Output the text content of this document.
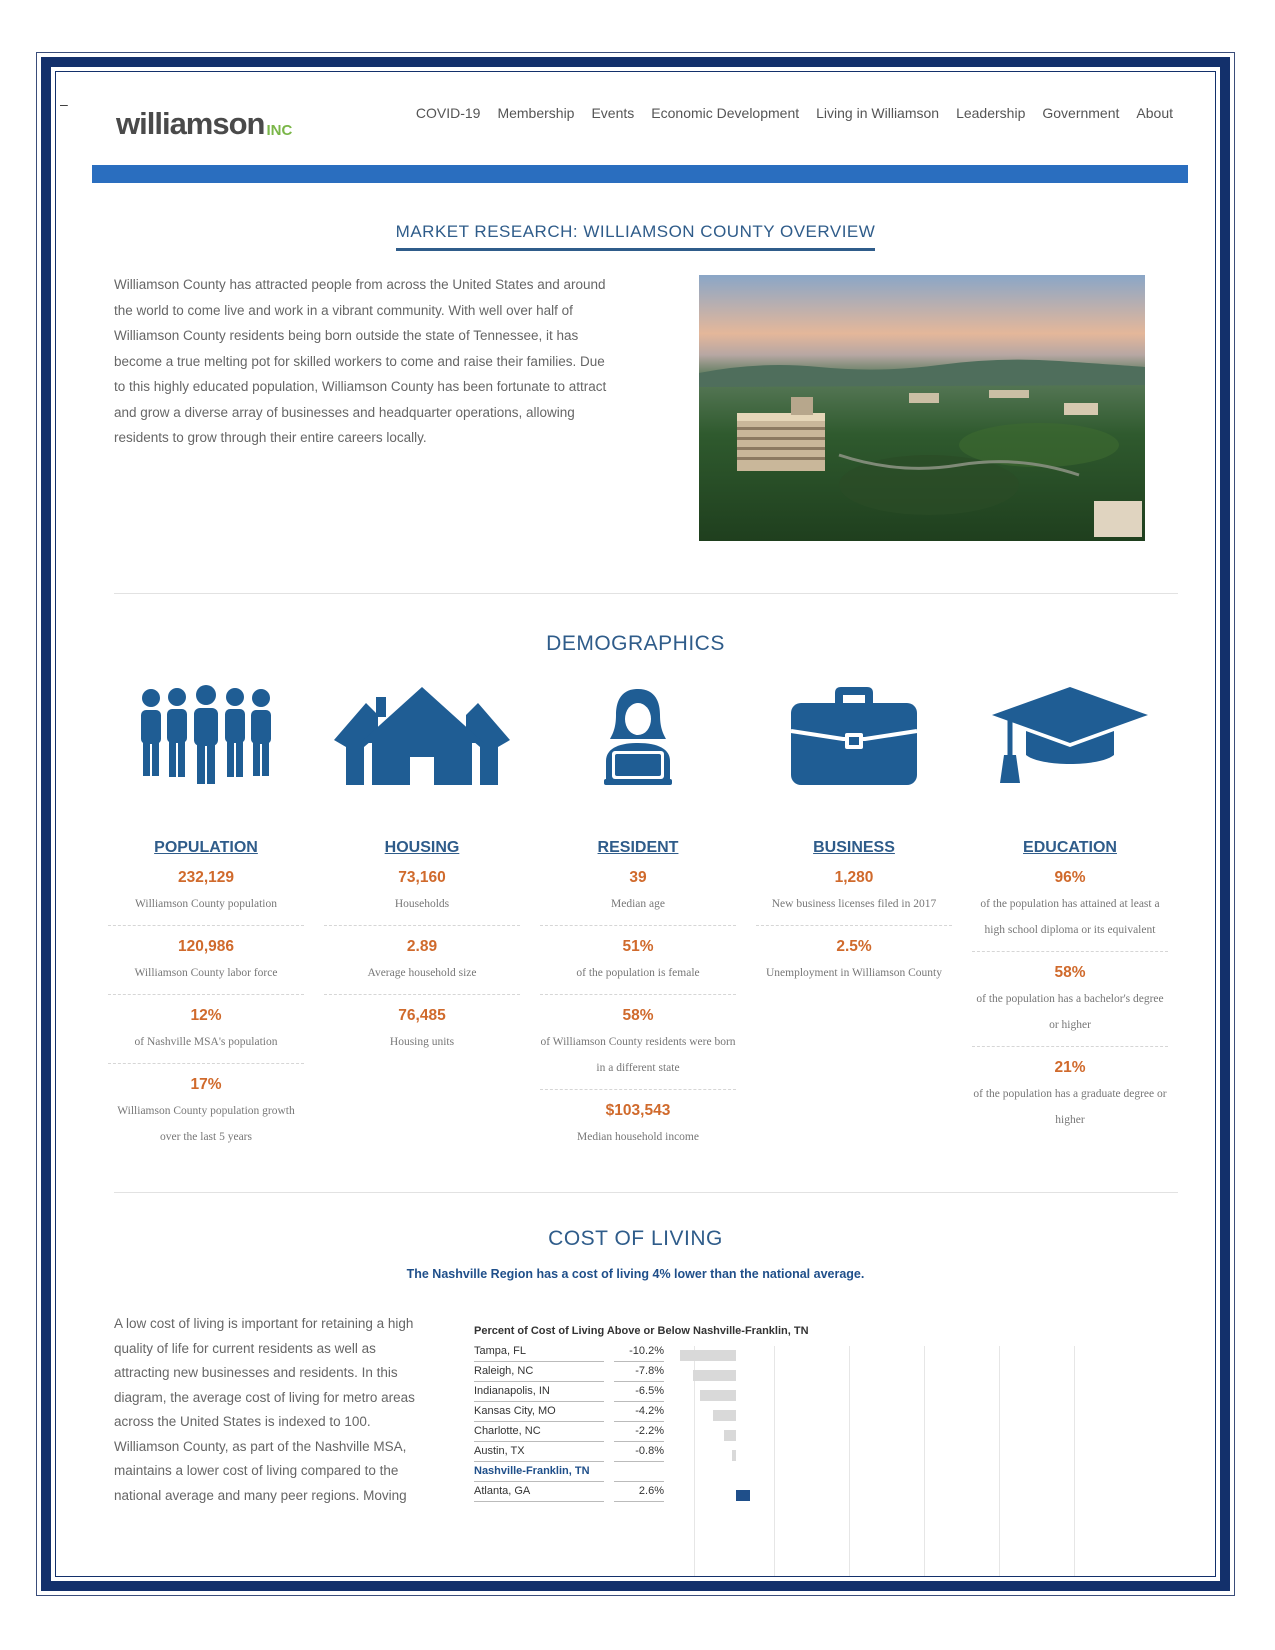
–
williamson INC
COVID-19 Membership Events Economic Development Living in Williamson Leadership Government About
MARKET RESEARCH: WILLIAMSON COUNTY OVERVIEW
Williamson County has attracted people from across the United States and around the world to come live and work in a vibrant community. With well over half of Williamson County residents being born outside the state of Tennessee, it has become a true melting pot for skilled workers to come and raise their families. Due to this highly educated population, Williamson County has been fortunate to attract and grow a diverse array of businesses and headquarter operations, allowing residents to grow through their entire careers locally.
DEMOGRAPHICS
POPULATION
232,129
Williamson County population
120,986
Williamson County labor force
12%
of Nashville MSA's population
17%
Williamson County population growth over the last 5 years
HOUSING
73,160
Households
2.89
Average household size
76,485
Housing units
RESIDENT
39
Median age
51%
of the population is female
58%
of Williamson County residents were born in a different state
$103,543
Median household income
BUSINESS
1,280
New business licenses filed in 2017
2.5%
Unemployment in Williamson County
EDUCATION
96%
of the population has attained at least a high school diploma or its equivalent
58%
of the population has a bachelor's degree or higher
21%
of the population has a graduate degree or higher
COST OF LIVING
The Nashville Region has a cost of living 4% lower than the national average.
A low cost of living is important for retaining a high quality of life for current residents as well as attracting new businesses and residents. In this diagram, the average cost of living for metro areas across the United States is indexed to 100. Williamson County, as part of the Nashville MSA, maintains a lower cost of living compared to the national average and many peer regions. Moving
Percent of Cost of Living Above or Below Nashville-Franklin, TN
Tampa, FL	-10.2%
Raleigh, NC	-7.8%
Indianapolis, IN	-6.5%
Kansas City, MO	-4.2%
Charlotte, NC	-2.2%
Austin, TX	-0.8%
Nashville-Franklin, TN
Atlanta, GA	2.6%
